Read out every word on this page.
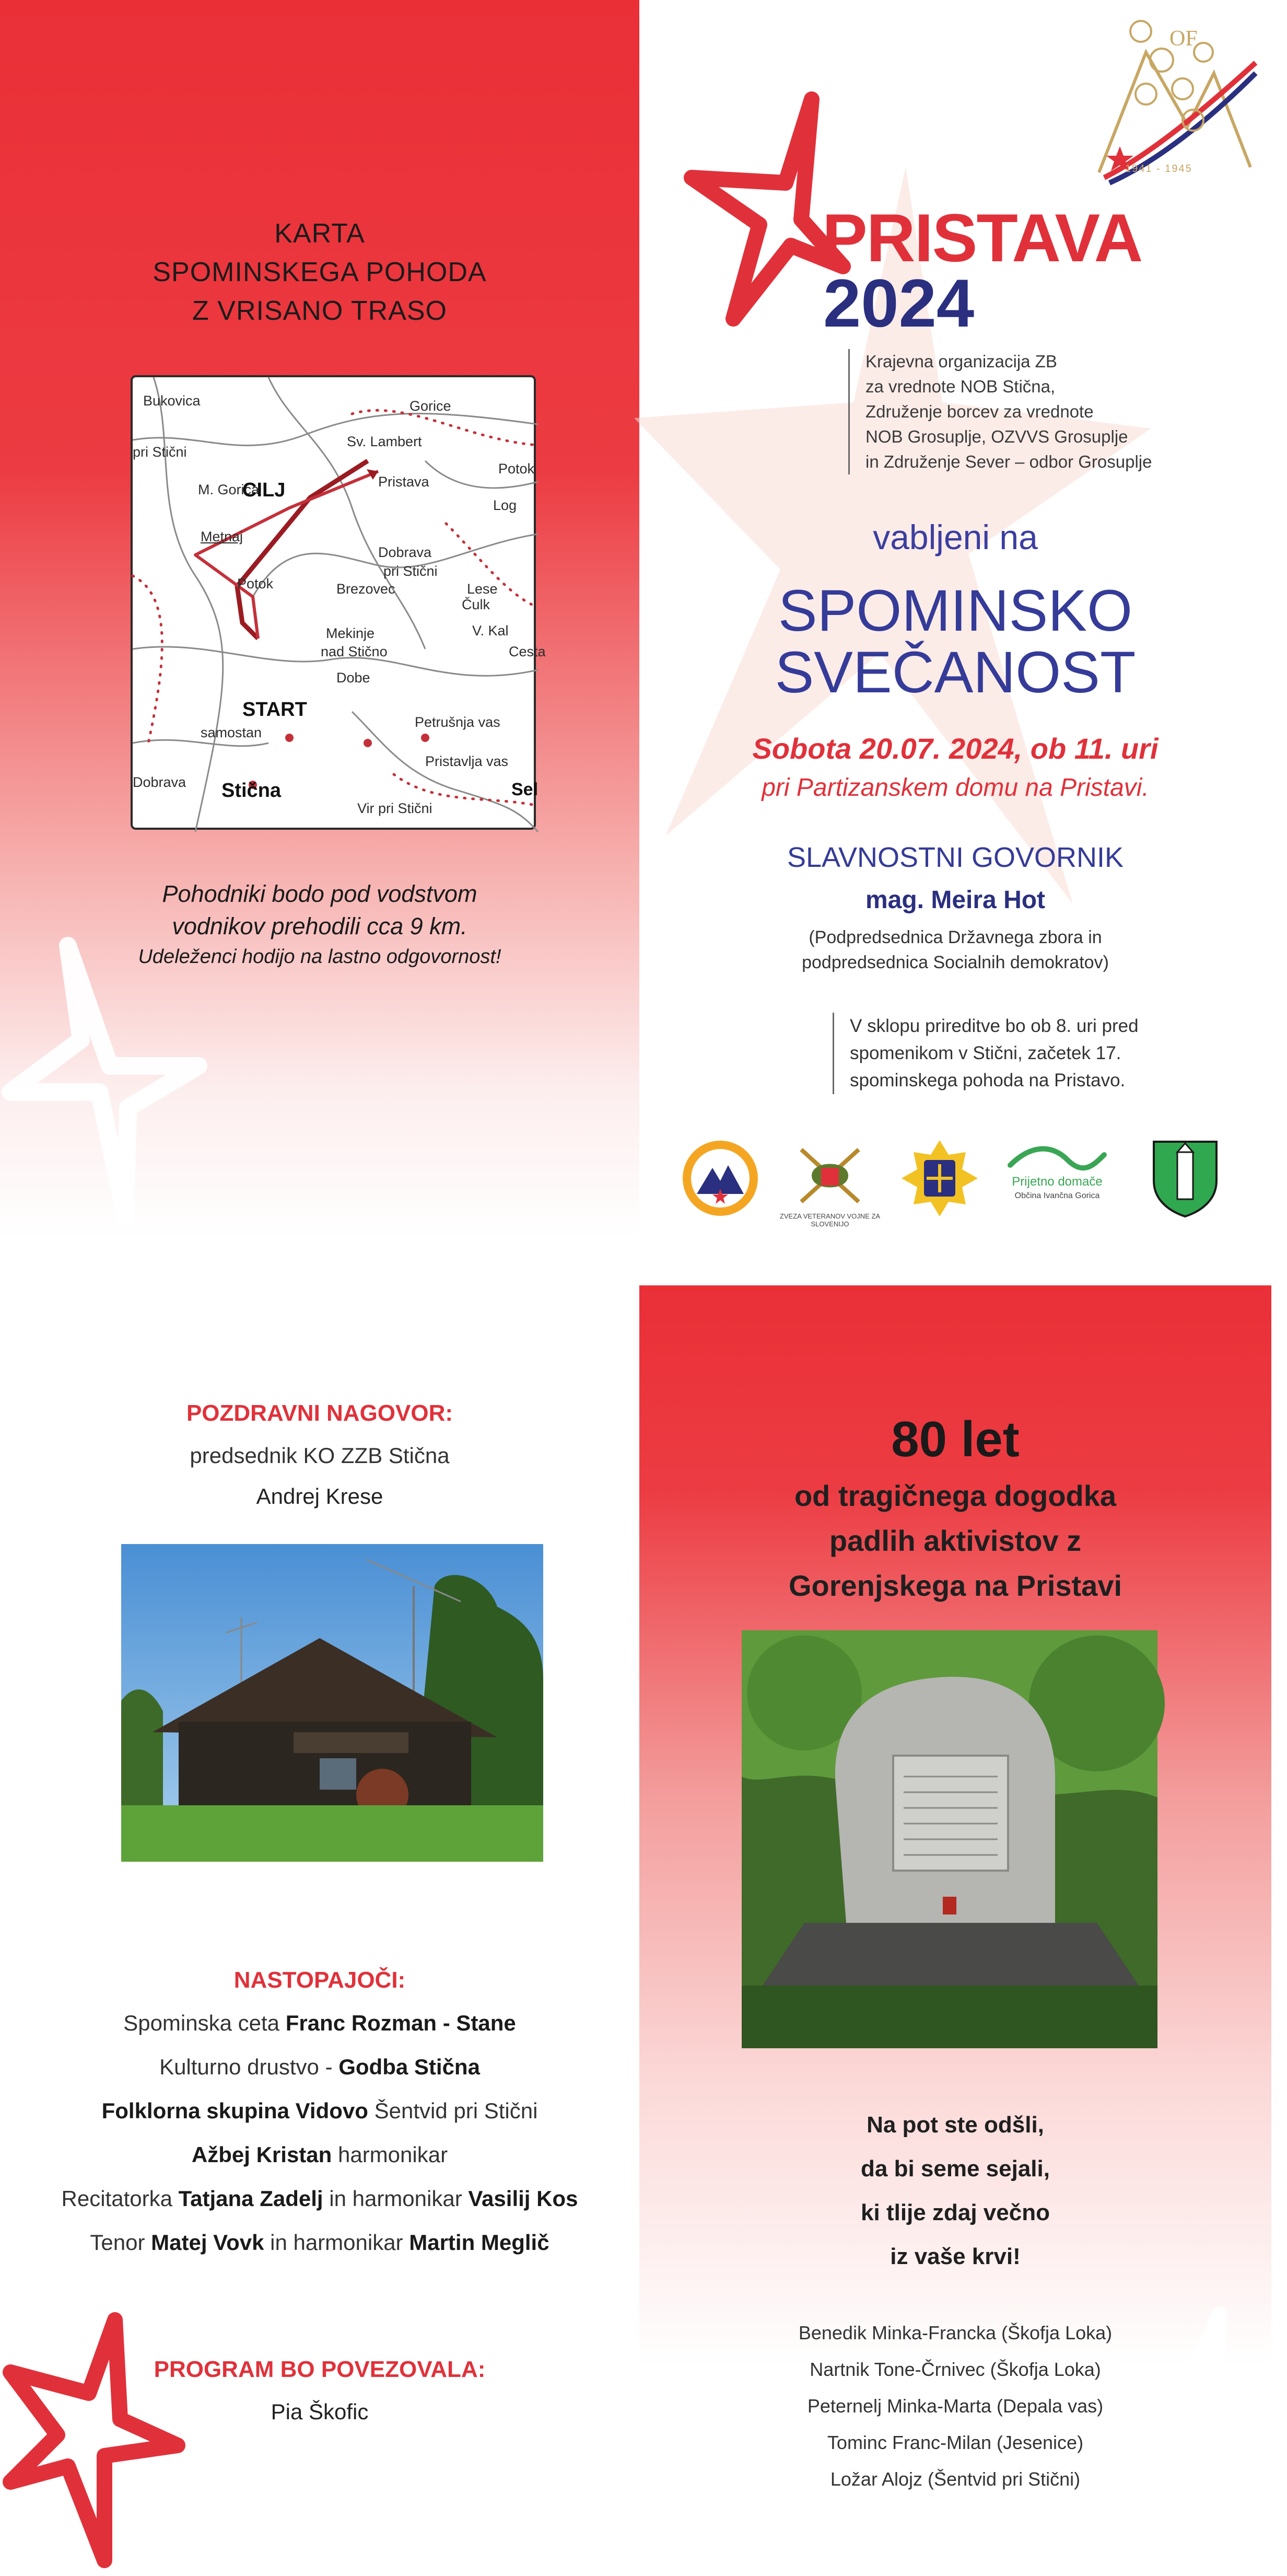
KARTA
SPOMINSKEGA POHODA
Z VRISANO TRASO
Bukovica
Sv. Lambert
Pristava
pri Stični
M. Gorica
Metnaj
Potok	Brezovec
Dobrava
pri Stični
Mekinje
nad Stično
Vir pri Stični
Stična
samostan
Petrušnja vas
Pristavlja vas
Dobrava
Čulk
Log
Lese
V. Kal
Cesta
Sel
Potok
Gorice
Dobe
CILJ
START
Pohodniki bodo pod vodstvom
vodnikov prehodili cca 9 km.
Udeleženci hodijo na lastno odgovornost!
OF
1941 - 1945
PRISTAVA
2024
Krajevna organizacija ZB
za vrednote NOB Stična,
Združenje borcev za vrednote
NOB Grosuplje, OZVVS Grosuplje
in Združenje Sever – odbor Grosuplje
vabljeni na
SPOMINSKO
SVEČANOST
Sobota 20.07. 2024, ob 11. uri
pri Partizanskem domu na Pristavi.
SLAVNOSTNI GOVORNIK
mag. Meira Hot
(Podpredsednica Državnega zbora in
podpredsednica Socialnih demokratov)
V sklopu prireditve bo ob 8. uri pred
spomenikom v Stični, začetek 17.
spominskega pohoda na Pristavo.
ZVEZA VETERANOV VOJNE ZA SLOVENIJO
Prijetno domače
Občina Ivančna Gorica
POZDRAVNI NAGOVOR:
predsednik KO ZZB Stična
Andrej Krese
NASTOPAJOČI:
Spominska ceta Franc Rozman - Stane
Kulturno drustvo - Godba Stična
Folklorna skupina Vidovo Šentvid pri Stični
Ažbej Kristan harmonikar
Recitatorka Tatjana Zadelj in harmonikar Vasilij Kos
Tenor Matej Vovk in harmonikar Martin Meglič
PROGRAM BO POVEZOVALA:
Pia Škofic
80 let
od tragičnega dogodka
padlih aktivistov z
Gorenjskega na Pristavi
Na pot ste odšli,
da bi seme sejali,
ki tlije zdaj večno
iz vaše krvi!
Benedik Minka-Francka (Škofja Loka)
Nartnik Tone-Črnivec (Škofja Loka)
Peternelj Minka-Marta (Depala vas)
Tominc Franc-Milan (Jesenice)
Ložar Alojz (Šentvid pri Stični)
